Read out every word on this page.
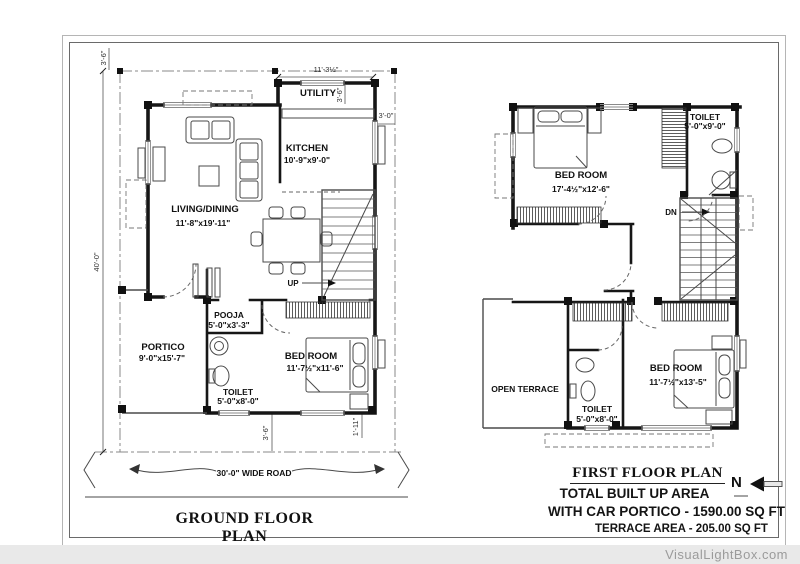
40'-0"
3'-6"
11'-3½"
3'-6"
3'-0"
3'-6"	1'-11"
30'-0" WIDE ROAD
UP
UTILITY
KITCHEN
10'-9"x9'-0"
LIVING/DINING
11'-8"x19'-11"
POOJA
5'-0"x3'-3"
PORTICO
9'-0"x15'-7"
TOILET
5'-0"x8'-0"
BED ROOM
11'-7½"x11'-6"
DN
BED ROOM
17'-4½"x12'-6"
TOILET
5'-0"x9'-0"
OPEN TERRACE
TOILET
5'-0"x8'-0"
BED ROOM
11'-7½"x13'-5"
GROUND FLOOR PLAN
FIRST FLOOR PLAN
TOTAL BUILT UP AREA
WITH CAR PORTICO - 1590.00 SQ FT
TERRACE AREA - 205.00 SQ FT
N
VisualLightBox.com
